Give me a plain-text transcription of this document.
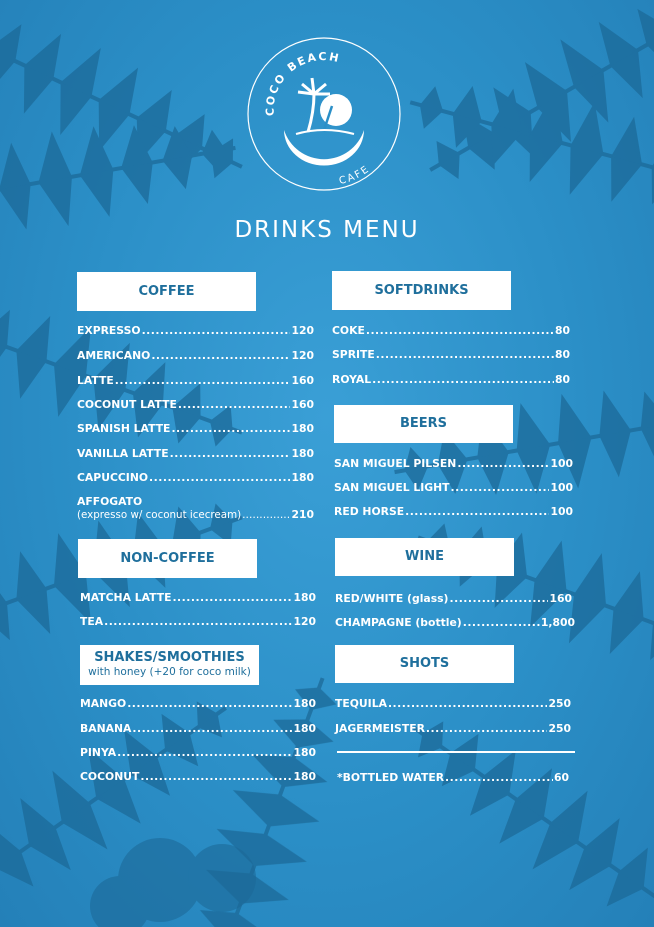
COCO BEACH
CAFE
DRINKS MENU
COFFEE
EXPRESSO .....	120
AMERICANO .....	120
LATTE .....	160
COCONUT LATTE .....	160
SPANISH LATTE .....	180
VANILLA LATTE .....	180
CAPUCCINO .....	180
AFFOGATO
(expresso w/ coconut icecream) .....	210
NON-COFFEE
MATCHA LATTE .....	180
TEA .....	120
SHAKES/SMOOTHIES
with honey (+20 for coco milk)
MANGO .....	180
BANANA .....	180
PINYA .....	180
COCONUT .....	180
SOFTDRINKS
COKE .....	80
SPRITE .....	80
ROYAL .....	80
BEERS
SAN MIGUEL PILSEN .....	100
SAN MIGUEL LIGHT .....	100
RED HORSE .....	100
WINE
RED/WHITE (glass) .....	160
CHAMPAGNE (bottle) .....	1,800
SHOTS
TEQUILA .....	250
JAGERMEISTER .....	250
*BOTTLED WATER .....	60
